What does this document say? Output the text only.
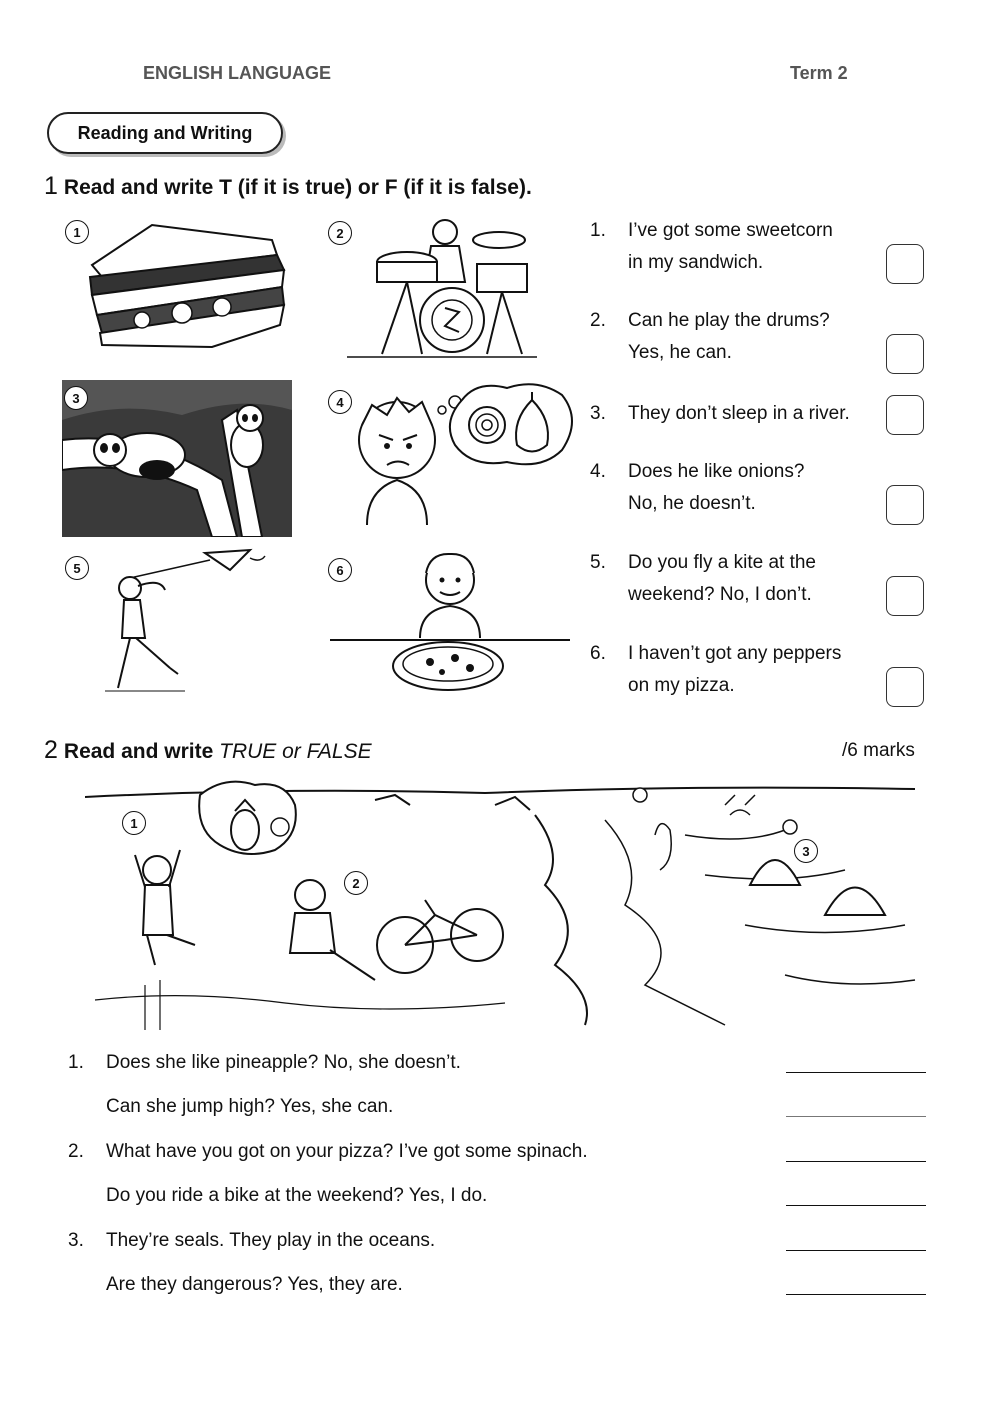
ENGLISH LANGUAGE	Term 2
Reading and Writing
1 Read and write T (if it is true) or F (if it is false).
1	2
3	4
5	6
1. I’ve got some sweetcorn
in my sandwich.
2. Can he play the drums?
Yes, he can.
3. They don’t sleep in a river.
4. Does he like onions?
No, he doesn’t.
5. Do you fly a kite at the
weekend? No, I don’t.
6. I haven’t got any peppers
on my pizza.
2 Read and write TRUE or FALSE	/6 marks
1
2
3
1. Does she like pineapple? No, she doesn’t.
Can she jump high? Yes, she can.
2. What have you got on your pizza? I’ve got some spinach.
Do you ride a bike at the weekend? Yes, I do.
3. They’re seals. They play in the oceans.
Are they dangerous? Yes, they are.
